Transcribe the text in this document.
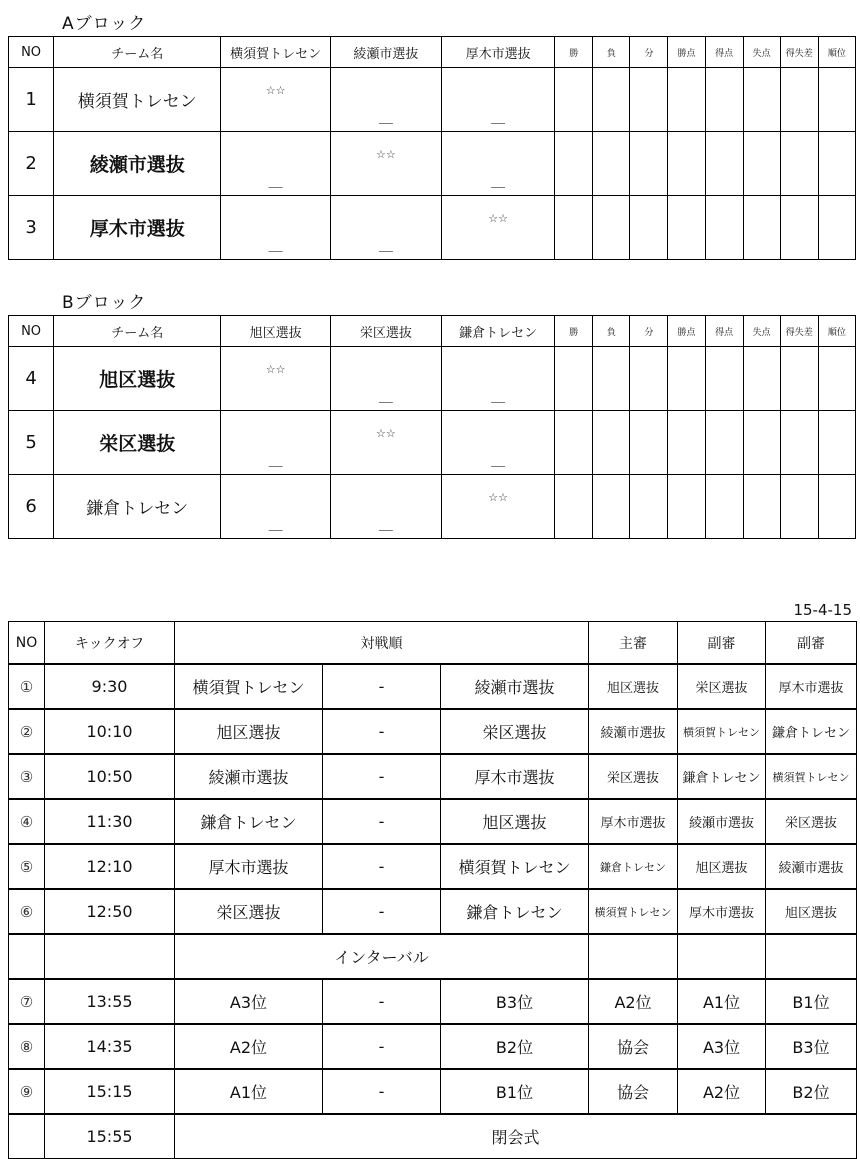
Aブロック
NO	チーム名	横須賀トレセン	綾瀬市選抜	厚木市選抜	勝	負	分	勝点	得点	失点	得失差	順位
1	横須賀トレセン	☆☆	＿	＿								

2	綾瀬市選抜	＿	☆☆	＿								

3	厚木市選抜	＿	＿	☆☆								

Bブロック
NO	チーム名	旭区選抜	栄区選抜	鎌倉トレセン	勝	負	分	勝点	得点	失点	得失差	順位
4	旭区選抜	☆☆	＿	＿								

5	栄区選抜	＿	☆☆	＿								

6	鎌倉トレセン	＿	＿	☆☆								

15-4-15
NO	キックオフ	対戦順			主審	副審	副審
①	9:30	横須賀トレセン	-	綾瀬市選抜	旭区選抜	栄区選抜	厚木市選抜
②	10:10	旭区選抜	-	栄区選抜	綾瀬市選抜	横須賀トレセン	鎌倉トレセン
③	10:50	綾瀬市選抜	-	厚木市選抜	栄区選抜	鎌倉トレセン	横須賀トレセン
④	11:30	鎌倉トレセン	-	旭区選抜	厚木市選抜	綾瀬市選抜	栄区選抜
⑤	12:10	厚木市選抜	-	横須賀トレセン	鎌倉トレセン	旭区選抜	綾瀬市選抜
⑥	12:50	栄区選抜	-	鎌倉トレセン	横須賀トレセン	厚木市選抜	旭区選抜
		インターバル					
⑦	13:55	A3位	-	B3位	A2位	A1位	B1位
⑧	14:35	A2位	-	B2位	協会	A3位	B3位
⑨	15:15	A1位	-	B1位	協会	A2位	B2位
	15:55	閉会式					
